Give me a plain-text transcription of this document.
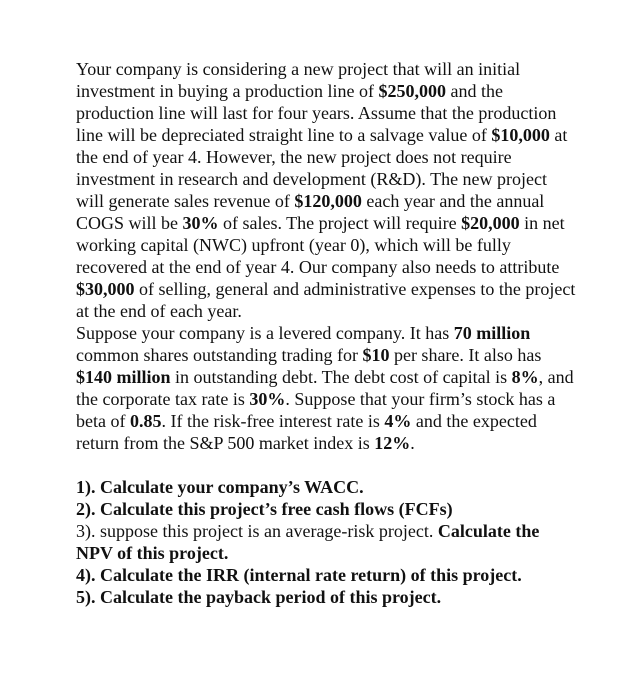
Your company is considering a new project that will an initial investment in buying a production line of $250,000 and the production line will last for four years. Assume that the production line will be depreciated straight line to a salvage value of $10,000 at the end of year 4. However, the new project does not require investment in research and development (R&D). The new project will generate sales revenue of $120,000 each year and the annual COGS will be 30% of sales. The project will require $20,000 in net working capital (NWC) upfront (year 0), which will be fully recovered at the end of year 4. Our company also needs to attribute $30,000 of selling, general and administrative expenses to the project at the end of each year.

Suppose your company is a levered company. It has 70 million common shares outstanding trading for $10 per share. It also has $140 million in outstanding debt. The debt cost of capital is 8%, and the corporate tax rate is 30%. Suppose that your firm’s stock has a beta of 0.85. If the risk-free interest rate is 4% and the expected return from the S&P 500 market index is 12%.

1). Calculate your company’s WACC.

2). Calculate this project’s free cash flows (FCFs)

3). suppose this project is an average-risk project. Calculate the NPV of this project.

4). Calculate the IRR (internal rate return) of this project.

5). Calculate the payback period of this project.
